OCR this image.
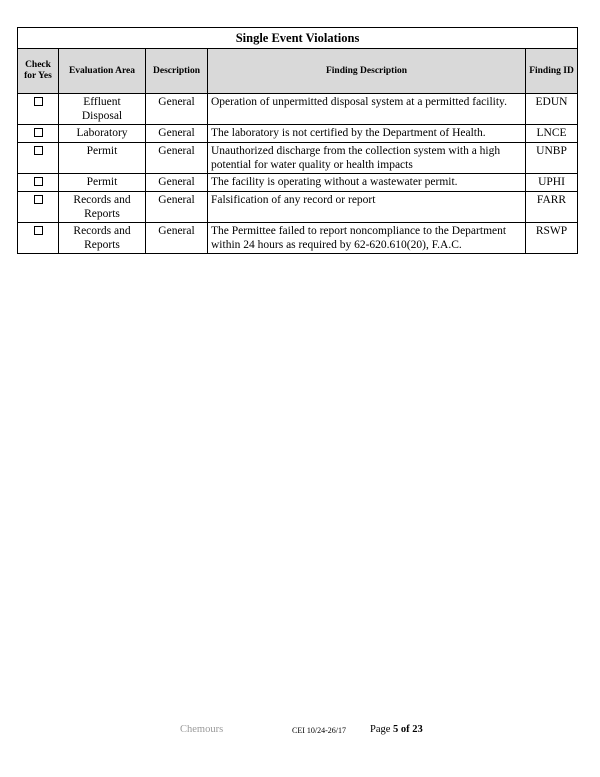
Single Event Violations				
Check for Yes	Evaluation Area	Description	Finding Description	Finding ID
	Effluent Disposal	General	Operation of unpermitted disposal system at a permitted facility.	EDUN
	Laboratory	General	The laboratory is not certified by the Department of Health.	LNCE
	Permit	General	Unauthorized discharge from the collection system with a high potential for water quality or health impacts	UNBP
	Permit	General	The facility is operating without a wastewater permit.	UPHI
	Records and Reports	General	Falsification of any record or report	FARR
	Records and Reports	General	The Permittee failed to report noncompliance to the Department within 24 hours as required by 62-620.610(20), F.A.C.	RSWP
Chemours	CEI 10/24-26/17 Page 5 of 23
